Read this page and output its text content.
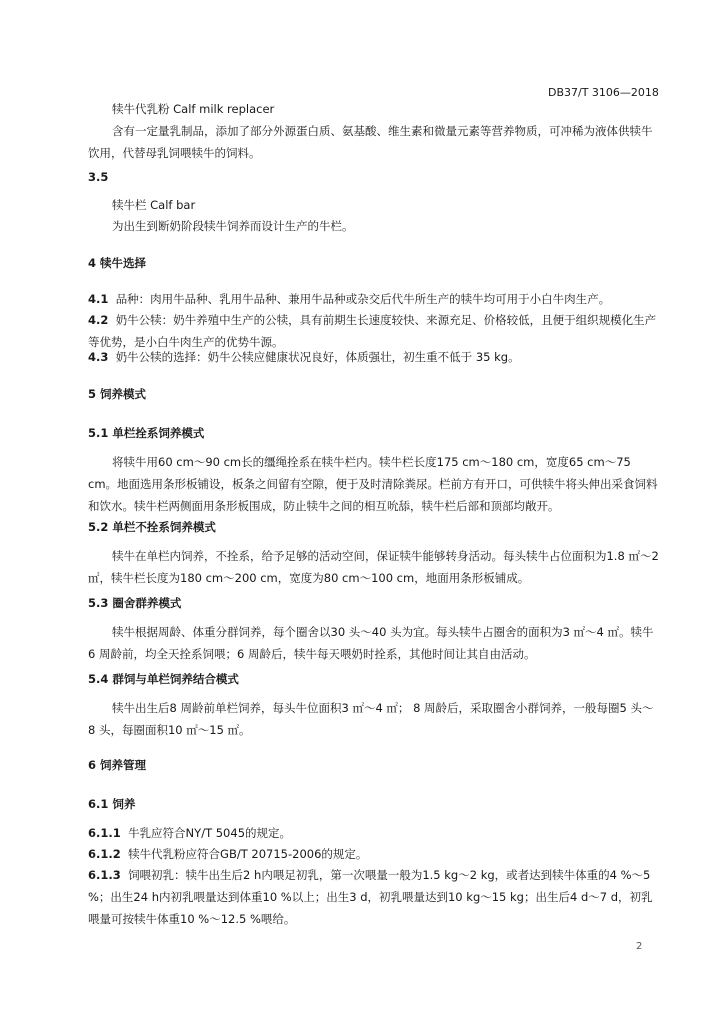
DB37/T 3106—2018
犊牛代乳粉 Calf milk replacer
含有一定量乳制品，添加了部分外源蛋白质、氨基酸、维生素和微量元素等营养物质，可冲稀为液体供犊牛饮用，代替母乳饲喂犊牛的饲料。
3.5
犊牛栏 Calf bar
为出生到断奶阶段犊牛饲养而设计生产的牛栏。
4 犊牛选择
4.1 品种：肉用牛品种、乳用牛品种、兼用牛品种或杂交后代牛所生产的犊牛均可用于小白牛肉生产。
4.2 奶牛公犊：奶牛养殖中生产的公犊，具有前期生长速度较快、来源充足、价格较低，且便于组织规模化生产等优势，是小白牛肉生产的优势牛源。
4.3 奶牛公犊的选择：奶牛公犊应健康状况良好，体质强壮，初生重不低于 35 kg。
5 饲养模式
5.1 单栏拴系饲养模式
将犊牛用60 cm～90 cm长的缰绳拴系在犊牛栏内。犊牛栏长度175 cm～180 cm，宽度65 cm～75 cm。地面选用条形板铺设，板条之间留有空隙，便于及时清除粪尿。栏前方有开口，可供犊牛将头伸出采食饲料和饮水。犊牛栏两侧面用条形板围成，防止犊牛之间的相互吮舔，犊牛栏后部和顶部均敞开。
5.2 单栏不拴系饲养模式
犊牛在单栏内饲养，不拴系，给予足够的活动空间，保证犊牛能够转身活动。每头犊牛占位面积为1.8 ㎡～2 ㎡，犊牛栏长度为180 cm～200 cm，宽度为80 cm～100 cm，地面用条形板铺成。
5.3 圈舍群养模式
犊牛根据周龄、体重分群饲养，每个圈舍以30 头～40 头为宜。每头犊牛占圈舍的面积为3 ㎡～4 ㎡。犊牛6 周龄前，均全天拴系饲喂；6 周龄后，犊牛每天喂奶时拴系，其他时间让其自由活动。
5.4 群饲与单栏饲养结合模式
犊牛出生后8 周龄前单栏饲养，每头牛位面积3 ㎡～4 ㎡； 8 周龄后，采取圈舍小群饲养，一般每圈5 头～8 头，每圈面积10 ㎡～15 ㎡。
6 饲养管理
6.1 饲养
6.1.1 牛乳应符合NY/T 5045的规定。
6.1.2 犊牛代乳粉应符合GB/T 20715-2006的规定。
6.1.3 饲喂初乳：犊牛出生后2 h内喂足初乳，第一次喂量一般为1.5 kg～2 kg，或者达到犊牛体重的4 %～5 %；出生24 h内初乳喂量达到体重10 %以上；出生3 d，初乳喂量达到10 kg～15 kg；出生后4 d～7 d，初乳喂量可按犊牛体重10 %～12.5 %喂给。
2
